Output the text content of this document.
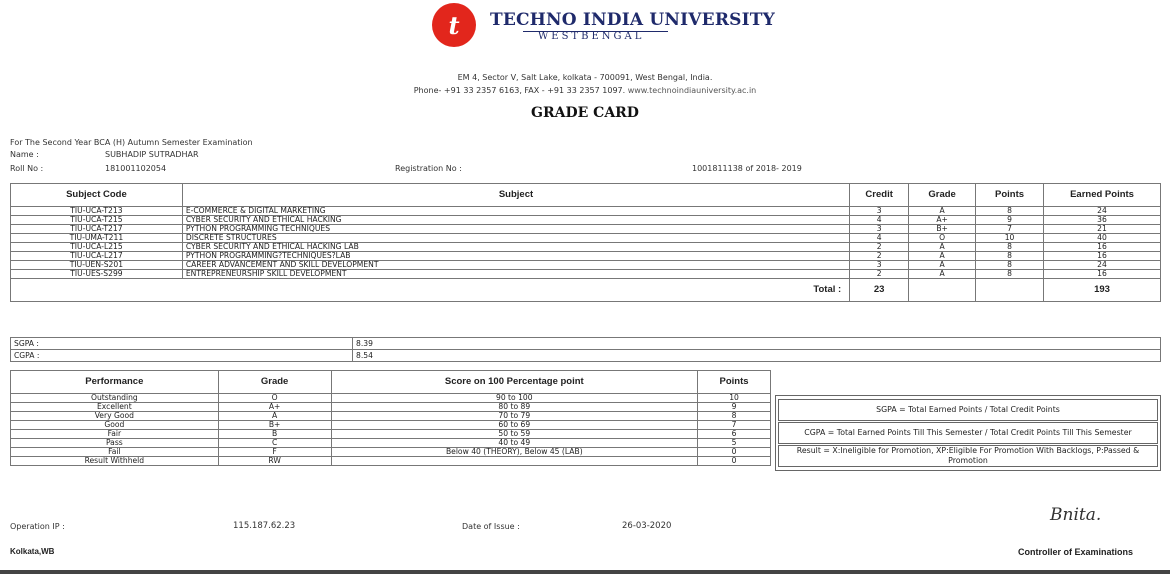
t TECHNO INDIA UNIVERSITY
WESTBENGAL
EM 4, Sector V, Salt Lake, kolkata - 700091, West Bengal, India.
Phone- +91 33 2357 6163, FAX - +91 33 2357 1097. www.technoindiauniversity.ac.in
GRADE CARD
For The Second Year BCA (H) Autumn Semester Examination
Name :	SUBHADIP SUTRADHAR
Roll No :	181001102054	Registration No :	1001811138 of 2018- 2019
Subject Code	Subject	Credit	Grade	Points	Earned Points
TIU-UCA-T213	E-COMMERCE & DIGITAL MARKETING	3	A	8	24
TIU-UCA-T215	CYBER SECURITY AND ETHICAL HACKING	4	A+	9	36
TIU-UCA-T217	PYTHON PROGRAMMING TECHNIQUES	3	B+	7	21
TIU-UMA-T211	DISCRETE STRUCTURES	4	O	10	40
TIU-UCA-L215	CYBER SECURITY AND ETHICAL HACKING LAB	2	A	8	16
TIU-UCA-L217	PYTHON PROGRAMMING?TECHNIQUES?LAB	2	A	8	16
TIU-UEN-S201	CAREER ADVANCEMENT AND SKILL DEVELOPMENT	3	A	8	24
TIU-UES-S299	ENTREPRENEURSHIP SKILL DEVELOPMENT	2	A	8	16
Total :		23			193
SGPA :	8.39
CGPA :	8.54
Performance	Grade	Score on 100 Percentage point	Points
Outstanding	O	90 to 100	10
Excellent	A+	80 to 89	9
Very Good	A	70 to 79	8
Good	B+	60 to 69	7
Fair	B	50 to 59	6
Pass	C	40 to 49	5
Fail	F	Below 40 (THEORY), Below 45 (LAB)	0
Result Withheld	RW		0
SGPA = Total Earned Points / Total Credit Points
CGPA = Total Earned Points Till This Semester / Total Credit Points Till This Semester
Result = X:Ineligible for Promotion, XP:Eligible For Promotion With Backlogs, P:Passed & Promotion
Operation IP :	115.187.62.23	Date of Issue :	26-03-2020
Kolkata,WB
Bnita.
Controller of Examinations
